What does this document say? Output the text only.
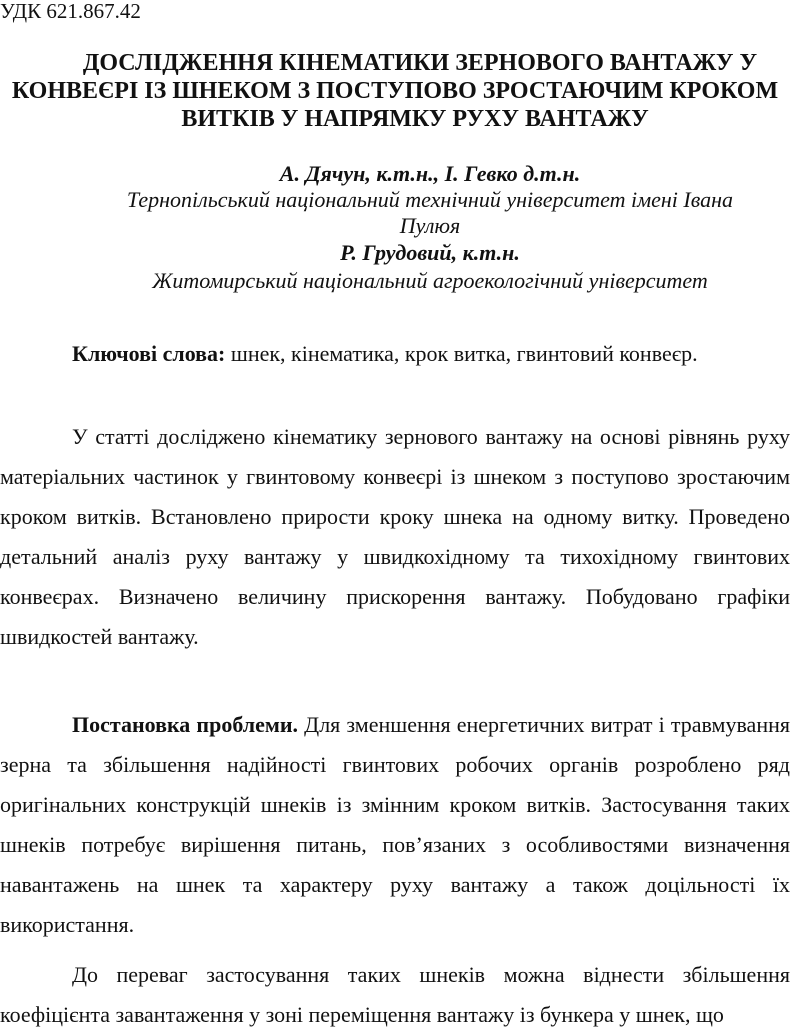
УДК 621.867.42
ДОСЛІДЖЕННЯ КІНЕМАТИКИ ЗЕРНОВОГО ВАНТАЖУ У
КОНВЕЄРІ ІЗ ШНЕКОМ З ПОСТУПОВО ЗРОСТАЮЧИМ КРОКОМ
ВИТКІВ У НАПРЯМКУ РУХУ ВАНТАЖУ
А. Дячун, к.т.н., І. Гевко д.т.н.
Тернопільський національний технічний університет імені Івана
Пулюя
Р. Грудовий, к.т.н.
Житомирський національний агроекологічний університет
Ключові слова: шнек, кінематика, крок витка, гвинтовий конвеєр.
У статті досліджено кінематику зернового вантажу на основі рівнянь руху матеріальних частинок у гвинтовому конвеєрі із шнеком з поступово зростаючим кроком витків. Встановлено прирости кроку шнека на одному витку. Проведено детальний аналіз руху вантажу у швидкохідному та тихохідному гвинтових конвеєрах. Визначено величину прискорення вантажу. Побудовано графіки швидкостей вантажу.
Постановка проблеми. Для зменшення енергетичних витрат і травмування зерна та збільшення надійності гвинтових робочих органів розроблено ряд оригінальних конструкцій шнеків із змінним кроком витків. Застосування таких шнеків потребує вирішення питань, пов’язаних з особливостями визначення навантажень на шнек та характеру руху вантажу а також доцільності їх використання.
До переваг застосування таких шнеків можна віднести збільшення коефіцієнта завантаження у зоні переміщення вантажу із бункера у шнек, що
